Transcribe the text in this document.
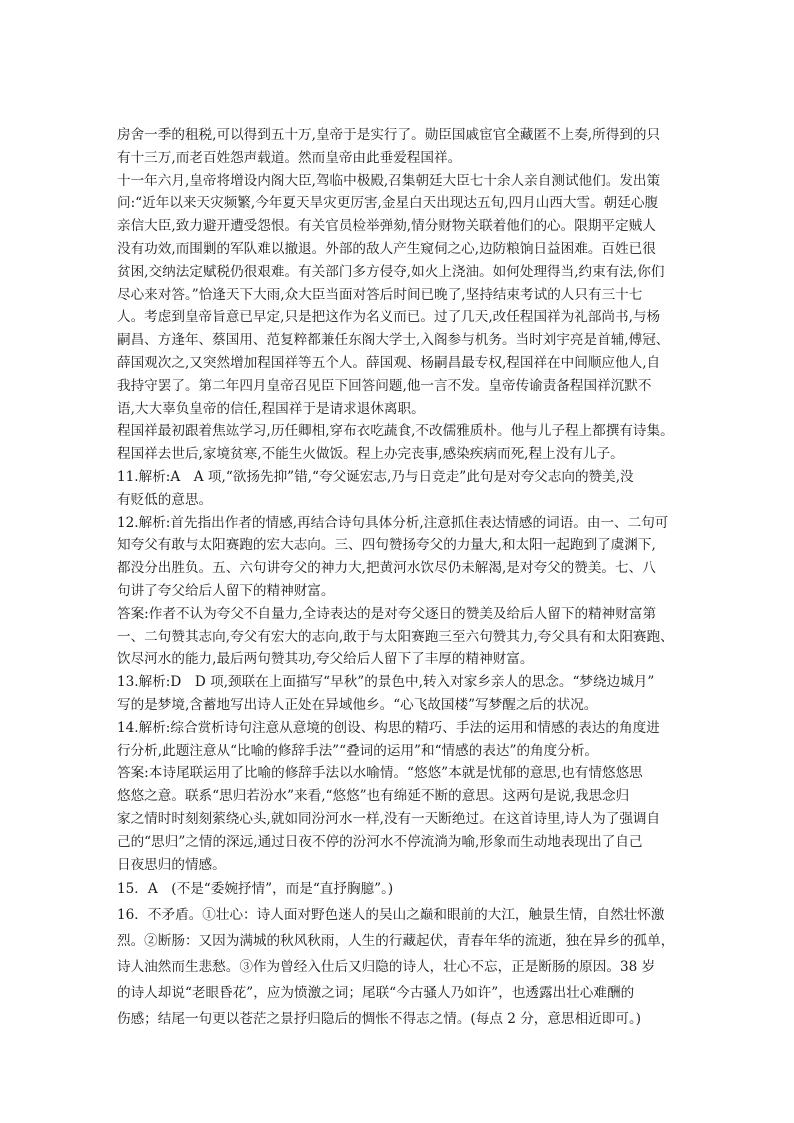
房舍一季的租税,可以得到五十万,皇帝于是实行了。勋臣国戚宦官全藏匿不上奏,所得到的只
有十三万,而老百姓怨声载道。然而皇帝由此垂爱程国祥。
十一年六月,皇帝将增设内阁大臣,驾临中极殿,召集朝廷大臣七十余人亲自测试他们。发出策
问:“近年以来天灾频繁,今年夏天旱灾更厉害,金星白天出现达五旬,四月山西大雪。朝廷心腹
亲信大臣,致力避开遭受怨恨。有关官员检举弹劾,情分财物关联着他们的心。限期平定贼人
没有功效,而围剿的军队难以撤退。外部的敌人产生窥伺之心,边防粮饷日益困难。百姓已很
贫困,交纳法定赋税仍很艰难。有关部门多方侵夺,如火上浇油。如何处理得当,约束有法,你们
尽心来对答。”恰逢天下大雨,众大臣当面对答后时间已晚了,坚持结束考试的人只有三十七
人。考虑到皇帝旨意已早定,只是把这作为名义而已。过了几天,改任程国祥为礼部尚书,与杨
嗣昌、方逢年、蔡国用、范复粹都兼任东阁大学士,入阁参与机务。当时刘宇亮是首辅,傅冠、
薛国观次之,又突然增加程国祥等五个人。薛国观、杨嗣昌最专权,程国祥在中间顺应他人,自
我持守罢了。第二年四月皇帝召见臣下回答问题,他一言不发。皇帝传谕责备程国祥沉默不
语,大大辜负皇帝的信任,程国祥于是请求退休离职。
程国祥最初跟着焦竑学习,历任卿相,穿布衣吃蔬食,不改儒雅质朴。他与儿子程上都撰有诗集。
程国祥去世后,家境贫寒,不能生火做饭。程上办完丧事,感染疾病而死,程上没有儿子。
11.解析:A　A 项,“欲扬先抑”错,“夸父诞宏志,乃与日竞走”此句是对夸父志向的赞美,没
有贬低的意思。
12.解析:首先指出作者的情感,再结合诗句具体分析,注意抓住表达情感的词语。由一、二句可
知夸父有敢与太阳赛跑的宏大志向。三、四句赞扬夸父的力量大,和太阳一起跑到了虞渊下,
都没分出胜负。五、六句讲夸父的神力大,把黄河水饮尽仍未解渴,是对夸父的赞美。七、八
句讲了夸父给后人留下的精神财富。
答案:作者不认为夸父不自量力,全诗表达的是对夸父逐日的赞美及给后人留下的精神财富第
一、二句赞其志向,夸父有宏大的志向,敢于与太阳赛跑三至六句赞其力,夸父具有和太阳赛跑、
饮尽河水的能力,最后两句赞其功,夸父给后人留下了丰厚的精神财富。
13.解析:D　D 项,颈联在上面描写“早秋”的景色中,转入对家乡亲人的思念。“梦绕边城月”
写的是梦境,含蓄地写出诗人正处在异域他乡。“心飞故国楼”写梦醒之后的状况。
14.解析:综合赏析诗句注意从意境的创设、构思的精巧、手法的运用和情感的表达的角度进
行分析,此题注意从“比喻的修辞手法”“叠词的运用”和“情感的表达”的角度分析。
答案:本诗尾联运用了比喻的修辞手法以水喻情。“悠悠”本就是忧郁的意思,也有情悠悠思
悠悠之意。联系“思归若汾水”来看,“悠悠”也有绵延不断的意思。这两句是说,我思念归
家之情时时刻刻萦绕心头,就如同汾河水一样,没有一天断绝过。在这首诗里,诗人为了强调自
己的“思归”之情的深远,通过日夜不停的汾河水不停流淌为喻,形象而生动地表现出了自己
日夜思归的情感。
15．A　(不是“委婉抒情”，而是“直抒胸臆”。)
16．不矛盾。①壮心：诗人面对野色迷人的吴山之巅和眼前的大江，触景生情，自然壮怀激
烈。②断肠：又因为满城的秋风秋雨，人生的行藏起伏，青春年华的流逝，独在异乡的孤单，
诗人油然而生悲愁。③作为曾经入仕后又归隐的诗人，壮心不忘，正是断肠的原因。38 岁
的诗人却说“老眼昏花”，应为愤激之词；尾联“今古骚人乃如许”，也透露出壮心难酬的
伤感；结尾一句更以苍茫之景抒归隐后的惆怅不得志之情。(每点 2 分，意思相近即可。)
